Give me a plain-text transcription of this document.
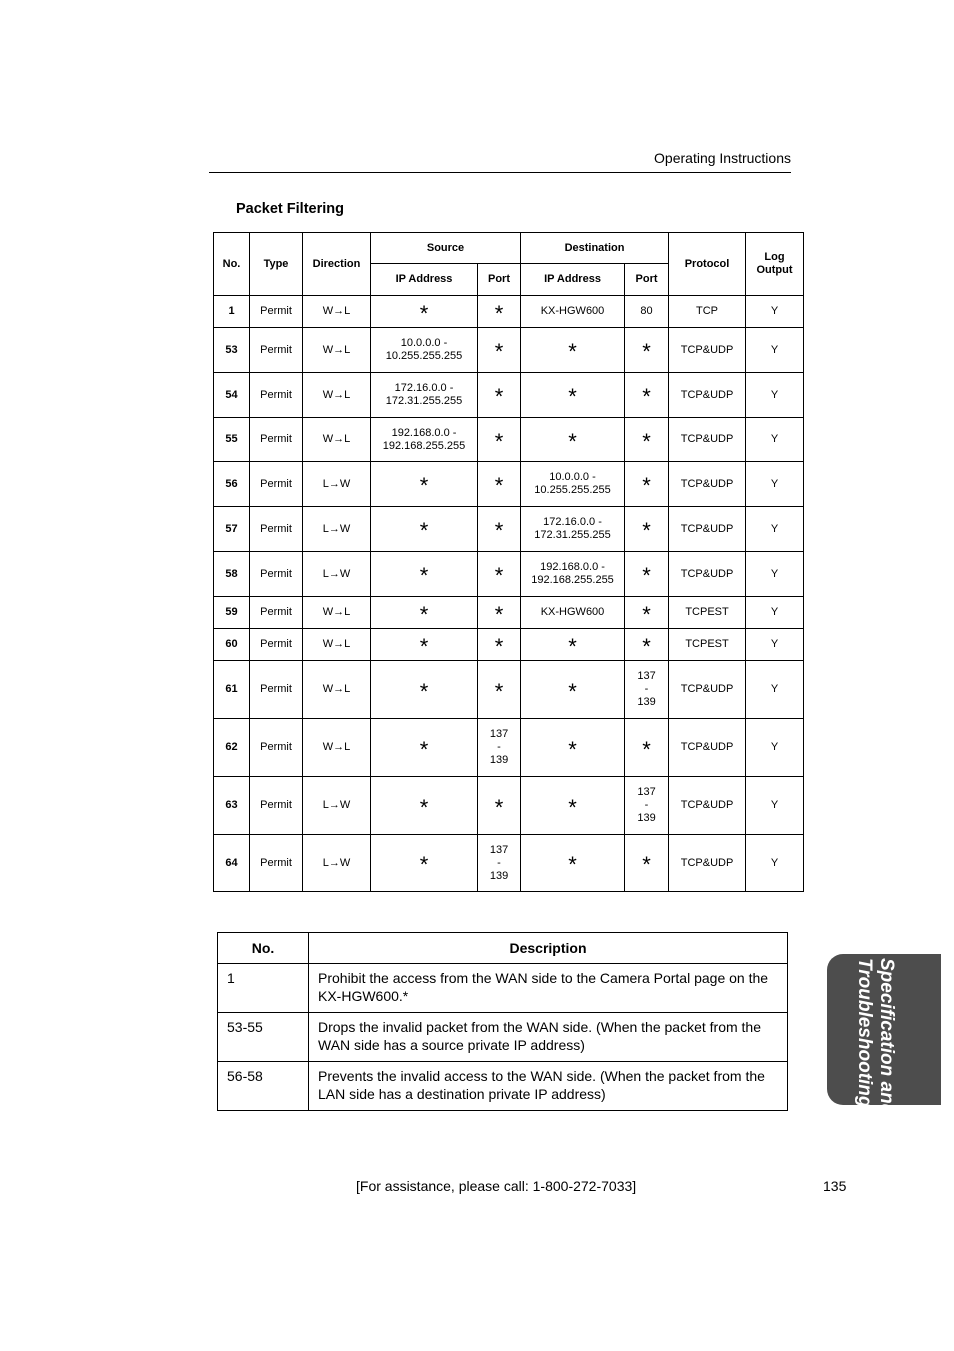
Operating Instructions
Packet Filtering
No.	Type	Direction	Source		Destination		Protocol	Log
Output
			IP Address	Port	IP Address	Port		
1	Permit	W→L	*	*	KX-HGW600	80	TCP	Y
53	Permit	W→L	10.0.0.0 -
10.255.255.255	*	*	*	TCP&UDP	Y
54	Permit	W→L	172.16.0.0 -
172.31.255.255	*	*	*	TCP&UDP	Y
55	Permit	W→L	192.168.0.0 -
192.168.255.255	*	*	*	TCP&UDP	Y
56	Permit	L→W	*	*	10.0.0.0 -
10.255.255.255	*	TCP&UDP	Y
57	Permit	L→W	*	*	172.16.0.0 -
172.31.255.255	*	TCP&UDP	Y
58	Permit	L→W	*	*	192.168.0.0 -
192.168.255.255	*	TCP&UDP	Y
59	Permit	W→L	*	*	KX-HGW600	*	TCPEST	Y
60	Permit	W→L	*	*	*	*	TCPEST	Y
61	Permit	W→L	*	*	*	137
-
139	TCP&UDP	Y
62	Permit	W→L	*	137
-
139	*	*	TCP&UDP	Y
63	Permit	L→W	*	*	*	137
-
139	TCP&UDP	Y
64	Permit	L→W	*	137
-
139	*	*	TCP&UDP	Y
No.	Description
1	Prohibit the access from the WAN side to the Camera Portal page on the KX-HGW600.*
53-55	Drops the invalid packet from the WAN side. (When the packet from the WAN side has a source private IP address)
56-58	Prevents the invalid access to the WAN side. (When the packet from the LAN side has a destination private IP address)	Specification and
Troubleshooting
[For assistance, please call: 1-800-272-7033]	135
